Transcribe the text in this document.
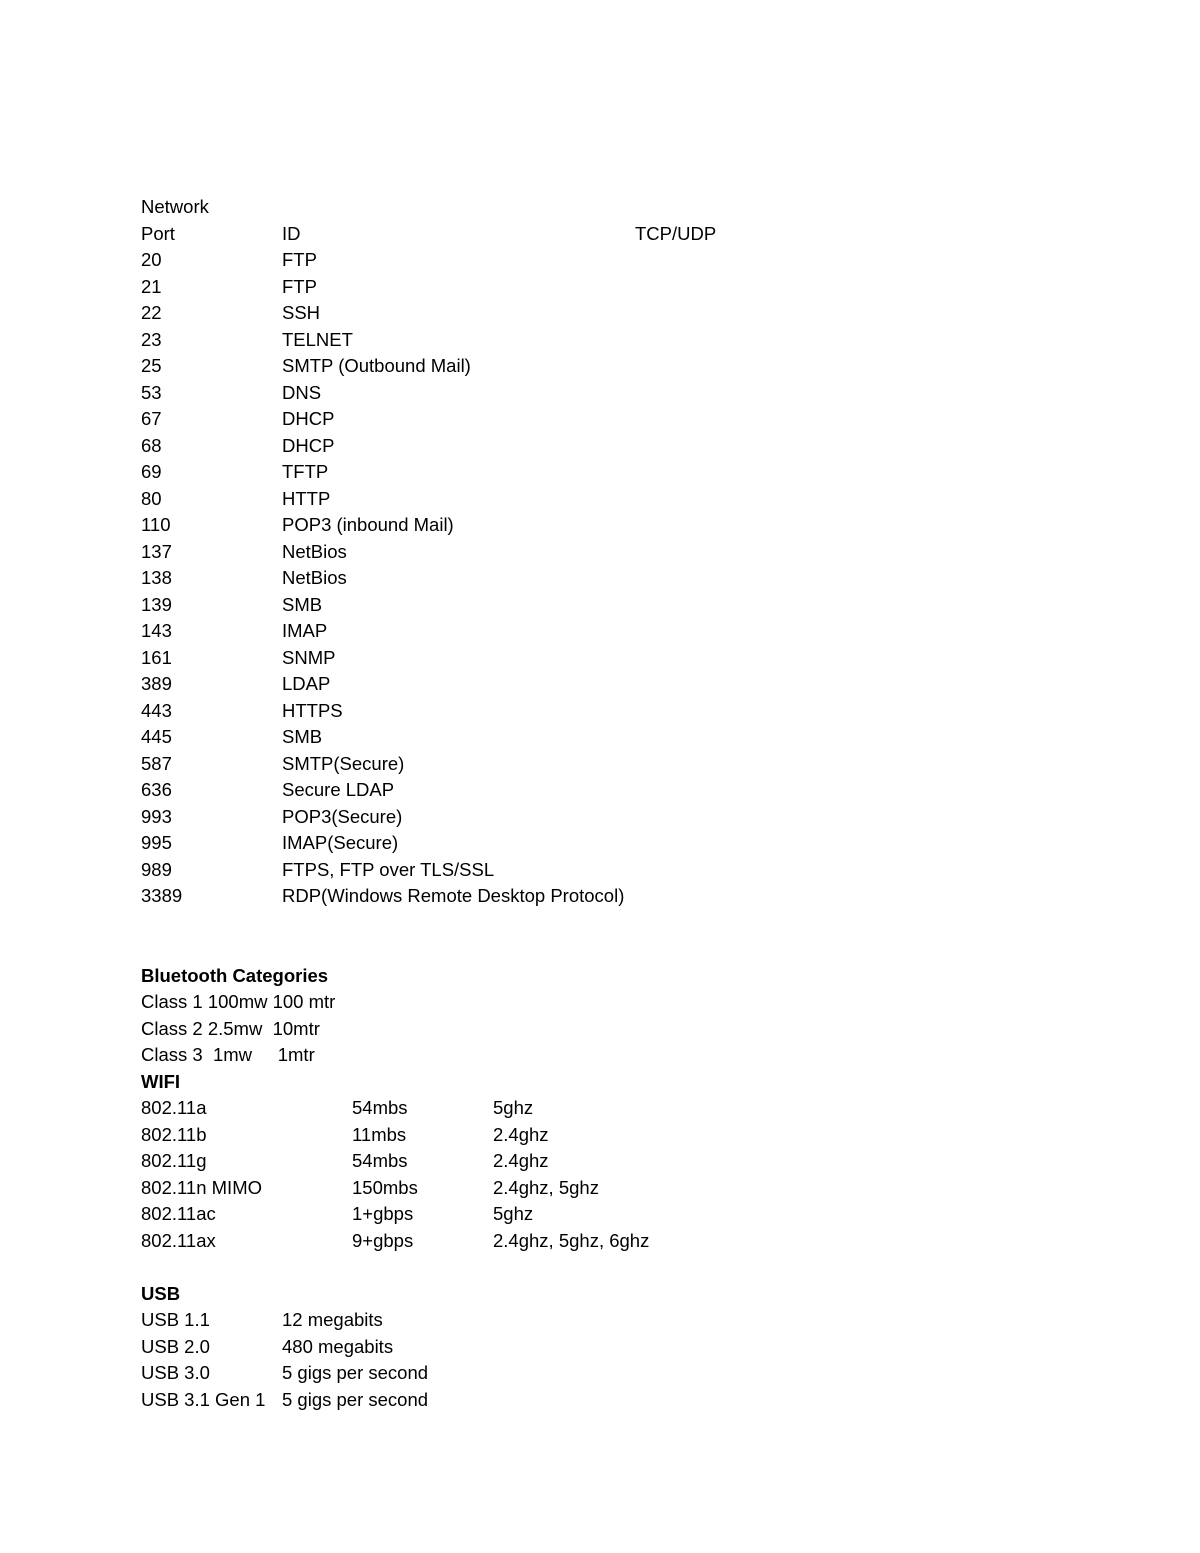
Network
Port	ID	TCP/UDP
20	FTP
21	FTP
22	SSH
23	TELNET
25	SMTP (Outbound Mail)
53	DNS
67	DHCP
68	DHCP
69	TFTP
80	HTTP
110	POP3 (inbound Mail)
137	NetBios
138	NetBios
139	SMB
143	IMAP
161	SNMP
389	LDAP
443	HTTPS
445	SMB
587	SMTP(Secure)
636	Secure LDAP
993	POP3(Secure)
995	IMAP(Secure)
989	FTPS, FTP over TLS/SSL
3389	RDP(Windows Remote Desktop Protocol)
Bluetooth Categories
Class 1 100mw 100 mtr
Class 2 2.5mw  10mtr
Class 3  1mw     1mtr
WIFI
802.11a	54mbs	5ghz
802.11b	11mbs	2.4ghz
802.11g	54mbs	2.4ghz
802.11n MIMO	150mbs	2.4ghz, 5ghz
802.11ac	1+gbps	5ghz
802.11ax	9+gbps	2.4ghz, 5ghz, 6ghz
USB
USB 1.1	12 megabits
USB 2.0	480 megabits
USB 3.0	5 gigs per second
USB 3.1 Gen 1 5 gigs per second
